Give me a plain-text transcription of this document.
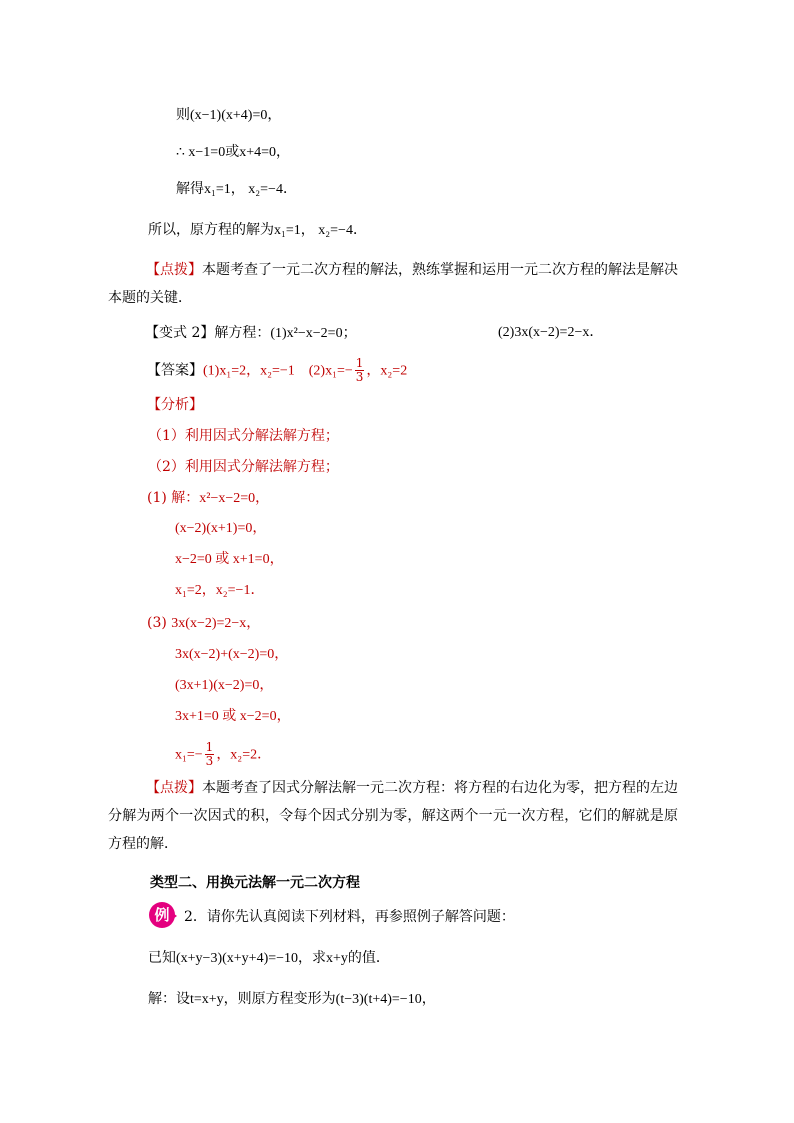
则(x−1)(x+4)=0，
∴ x−1=0或x+4=0，
解得x₁=1， x₂=−4．
所以，原方程的解为x₁=1， x₂=−4．
【点拨】本题考查了一元二次方程的解法，熟练掌握和运用一元二次方程的解法是解决本题的关键．
【变式 2】解方程：(1)x²−x−2=0；	(2)3x(x−2)=2−x．
【答案】(1)x₁=2，x₂=−1　$(2)x_1=- \frac{1}{3}$ ，x₂=2
【分析】
（1）利用因式分解法解方程；
（2）利用因式分解法解方程；
(1) 解：x²−x−2=0，
(x−2)(x+1)=0，
x−2=0 或 x+1=0，
x₁=2，x₂=−1．
(3) 3x(x−2)=2−x，
3x(x−2)+(x−2)=0，
(3x+1)(x−2)=0，
3x+1=0 或 x−2=0，
$x_1=- \frac{1}{3}$ ，x₂=2．
【点拨】本题考查了因式分解法解一元二次方程：将方程的右边化为零，把方程的左边分解为两个一次因式的积，令每个因式分别为零，解这两个一元一次方程，它们的解就是原方程的解．
类型二、用换元法解一元二次方程
例	2．请你先认真阅读下列材料，再参照例子解答问题：
已知(x+y−3)(x+y+4)=−10，求x+y的值．
解：设t=x+y，则原方程变形为(t−3)(t+4)=−10，
